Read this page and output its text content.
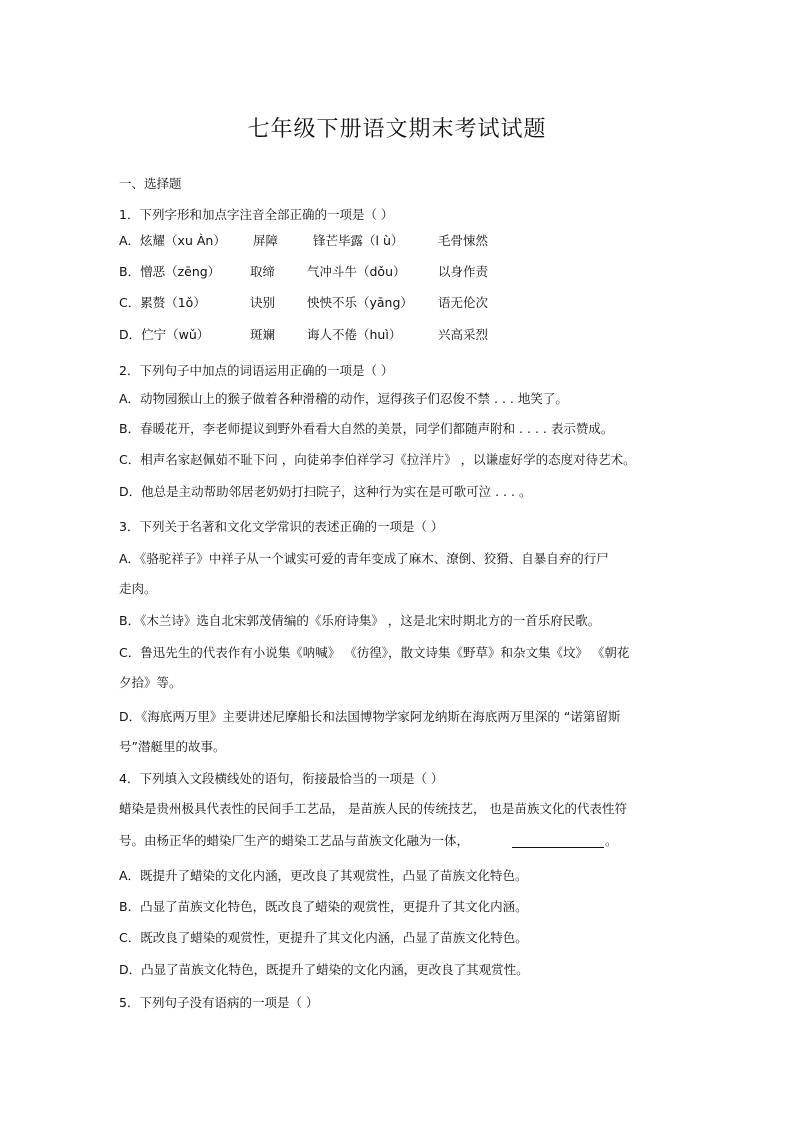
七年级下册语文期末考试试题
一、选择题
1．下列字形和加点字注音全部正确的一项是（ ）
A．炫耀（xu Àn） 屏障	锋芒毕露（l ù）	毛骨悚然
B．憎恶（zēng） 取缔	气冲斗牛（dǒu）	以身作责
C．累赘（1ǒ）	诀别	怏怏不乐（yāng） 语无伦次
D．伫宁（wǔ）	斑斓	诲人不倦（huì）	兴高采烈
2．下列句子中加点的词语运用正确的一项是（ ）
A．动物园猴山上的猴子做着各种滑稽的动作，逗得孩子们忍俊不禁 . . . 地笑了。
B．春暖花开，李老师提议到野外看看大自然的美景，同学们都随声附和 . . . . 表示赞成。
C．相声名家赵佩茹不耻下问 ，向徒弟李伯祥学习《拉洋片》 ，以谦虚好学的态度对待艺术。
D．他总是主动帮助邻居老奶奶打扫院子，这种行为实在是可歌可泣 . . . 。
3．下列关于名著和文化文学常识的表述正确的一项是（ ）
A．《骆驼祥子》中祥子从一个诚实可爱的青年变成了麻木、潦倒、狡猾、自暴自弃的行尸
走肉。
B．《木兰诗》选自北宋郭茂倩编的《乐府诗集》 ，这是北宋时期北方的一首乐府民歌。
C．鲁迅先生的代表作有小说集《呐喊》 《彷徨》，散文诗集《野草》和杂文集《坟》 《朝花
夕拾》等。
D．《海底两万里》主要讲述尼摩船长和法国博物学家阿龙纳斯在海底两万里深的 “诺第留斯
号”潜艇里的故事。
4．下列填入文段横线处的语句，衔接最恰当的一项是（ ）
蜡染是贵州极具代表性的民间手工艺品， 是苗族人民的传统技艺， 也是苗族文化的代表性符
号。由杨正华的蜡染厂生产的蜡染工艺品与苗族文化融为一体，	。
A．既提升了蜡染的文化内涵，更改良了其观赏性，凸显了苗族文化特色。
B．凸显了苗族文化特色，既改良了蜡染的观赏性，更提升了其文化内涵。
C．既改良了蜡染的观赏性，更提升了其文化内涵，凸显了苗族文化特色。
D．凸显了苗族文化特色，既提升了蜡染的文化内涵，更改良了其观赏性。
5．下列句子没有语病的一项是（ ）
